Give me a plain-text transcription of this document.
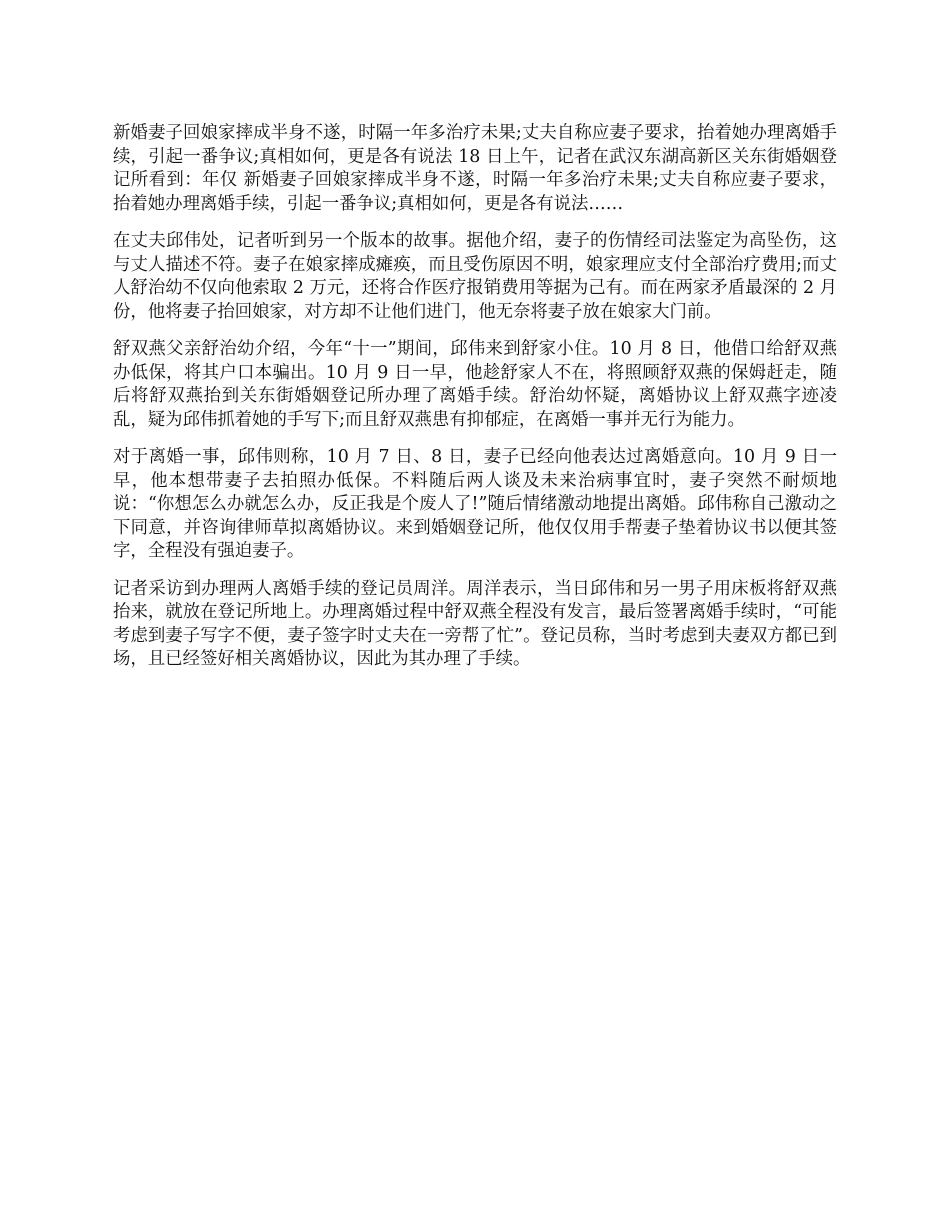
新婚妻子回娘家摔成半身不遂，时隔一年多治疗未果;丈夫自称应妻子要求，抬着她办理离婚手续，引起一番争议;真相如何，更是各有说法 18 日上午，记者在武汉东湖高新区关东街婚姻登记所看到：年仅 新婚妻子回娘家摔成半身不遂，时隔一年多治疗未果;丈夫自称应妻子要求，抬着她办理离婚手续，引起一番争议;真相如何，更是各有说法……

在丈夫邱伟处，记者听到另一个版本的故事。据他介绍，妻子的伤情经司法鉴定为高坠伤，这与丈人描述不符。妻子在娘家摔成瘫痪，而且受伤原因不明，娘家理应支付全部治疗费用;而丈人舒治幼不仅向他索取 2 万元，还将合作医疗报销费用等据为己有。而在两家矛盾最深的 2 月份，他将妻子抬回娘家，对方却不让他们进门，他无奈将妻子放在娘家大门前。

舒双燕父亲舒治幼介绍，今年“十一”期间，邱伟来到舒家小住。10 月 8 日，他借口给舒双燕办低保，将其户口本骗出。10 月 9 日一早，他趁舒家人不在，将照顾舒双燕的保姆赶走，随后将舒双燕抬到关东街婚姻登记所办理了离婚手续。舒治幼怀疑，离婚协议上舒双燕字迹凌乱，疑为邱伟抓着她的手写下;而且舒双燕患有抑郁症，在离婚一事并无行为能力。

对于离婚一事，邱伟则称，10 月 7 日、8 日，妻子已经向他表达过离婚意向。10 月 9 日一早，他本想带妻子去拍照办低保。不料随后两人谈及未来治病事宜时，妻子突然不耐烦地说：“你想怎么办就怎么办，反正我是个废人了!”随后情绪激动地提出离婚。邱伟称自己激动之下同意，并咨询律师草拟离婚协议。来到婚姻登记所，他仅仅用手帮妻子垫着协议书以便其签字，全程没有强迫妻子。

记者采访到办理两人离婚手续的登记员周洋。周洋表示，当日邱伟和另一男子用床板将舒双燕抬来，就放在登记所地上。办理离婚过程中舒双燕全程没有发言，最后签署离婚手续时，“可能考虑到妻子写字不便，妻子签字时丈夫在一旁帮了忙”。登记员称，当时考虑到夫妻双方都已到场，且已经签好相关离婚协议，因此为其办理了手续。
